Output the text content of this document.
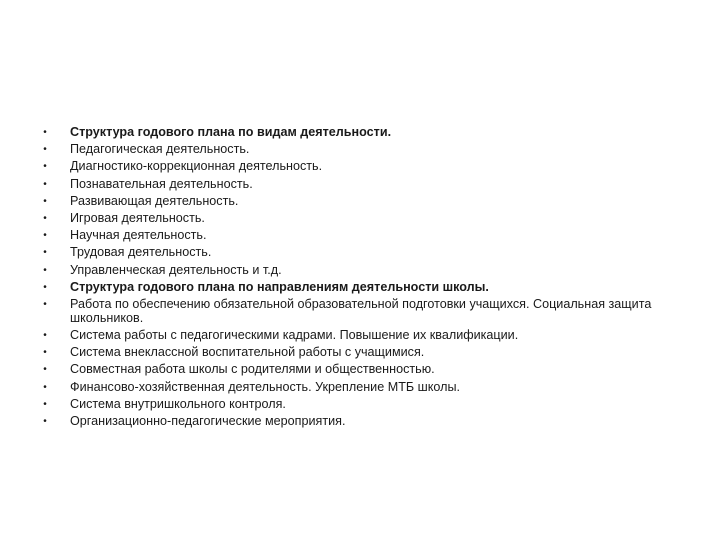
• Структура годового плана по видам деятельности.
• Педагогическая деятельность.
• Диагностико-коррекционная деятельность.
• Познавательная деятельность.
• Развивающая деятельность.
• Игровая деятельность.
• Научная деятельность.
• Трудовая деятельность.
• Управленческая деятельность и т.д.
• Структура годового плана по направлениям деятельности школы.
• Работа по обеспечению обязательной образовательной подготовки учащихся. Социальная защита школьников.
• Система работы с педагогическими кадрами. Повышение их квалификации.
• Система внеклассной воспитательной работы с учащимися.
• Совместная работа школы с родителями и общественностью.
• Финансово-хозяйственная деятельность. Укрепление МТБ школы.
• Система внутришкольного контроля.
• Организационно-педагогические мероприятия.
